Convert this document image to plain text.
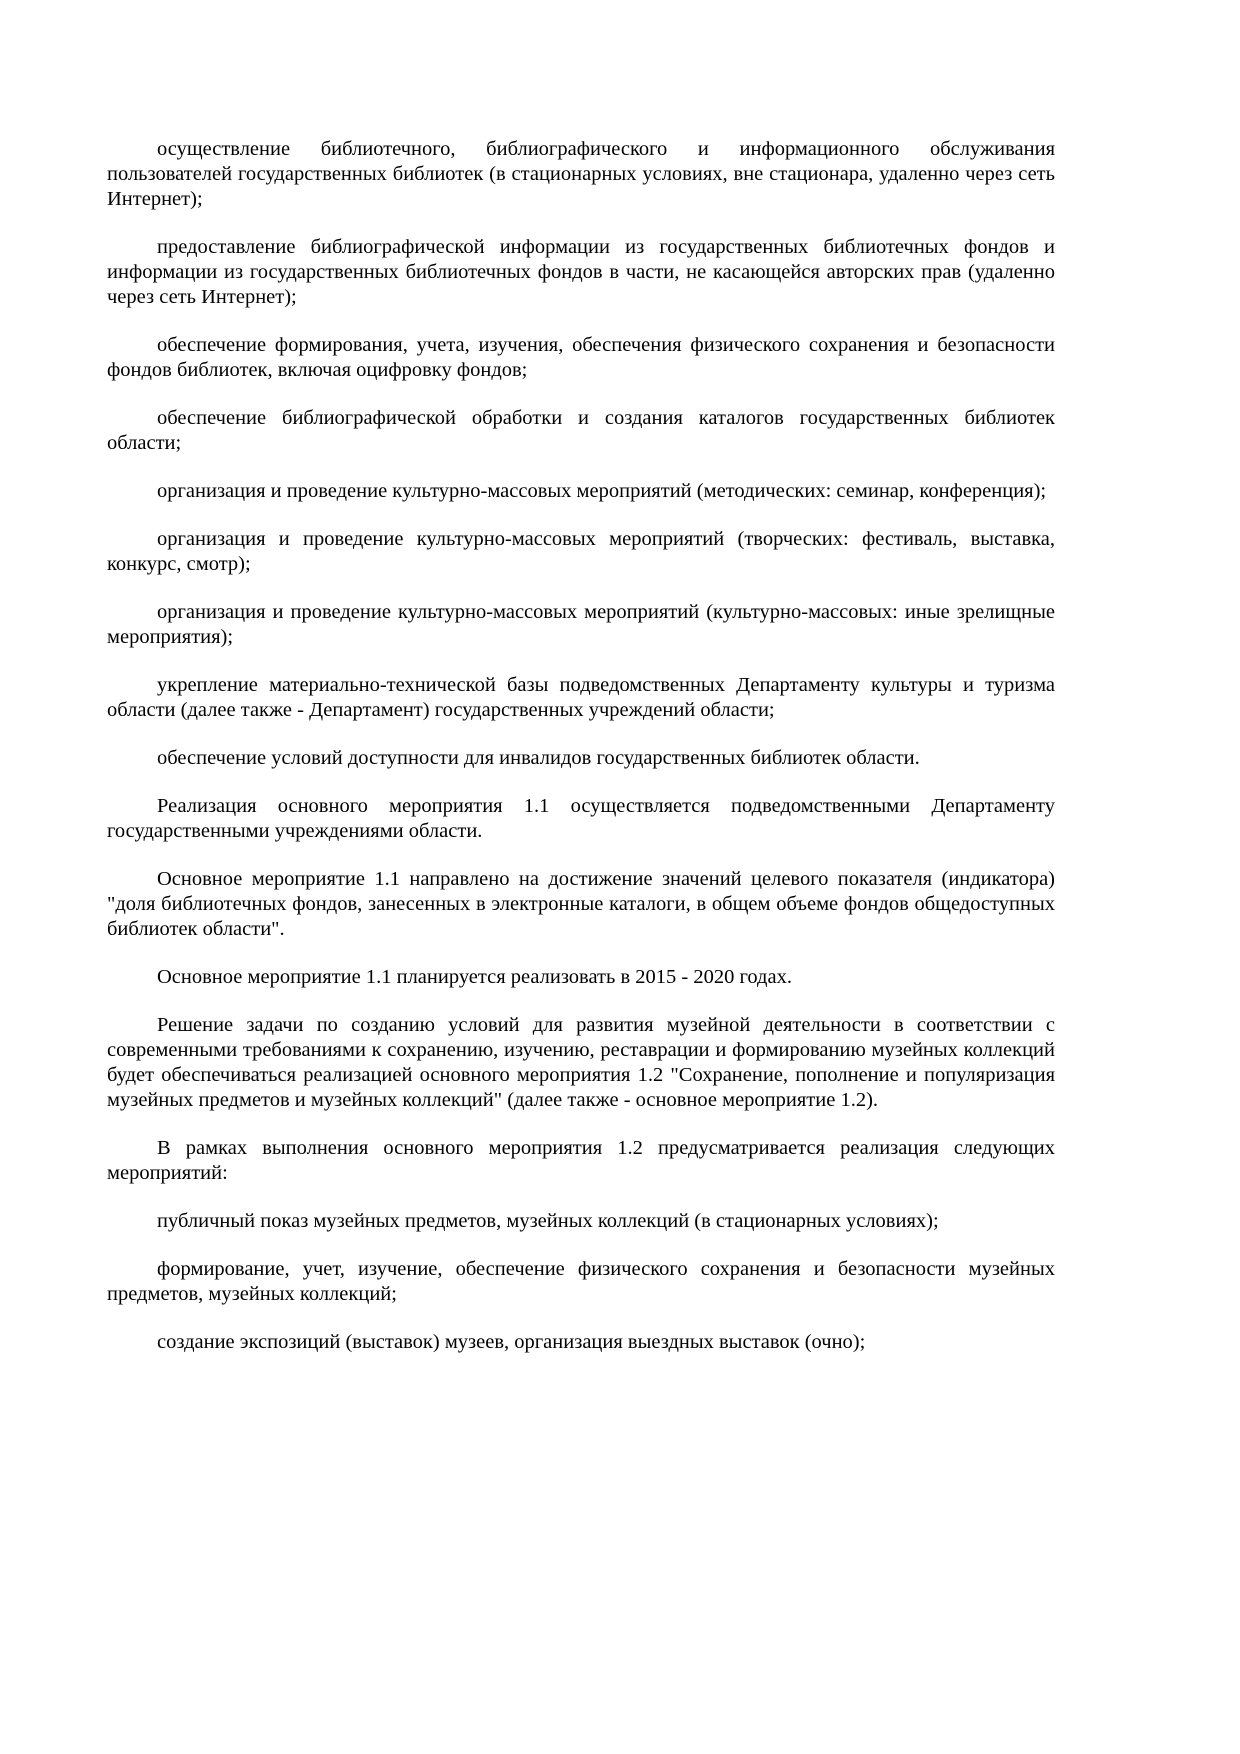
осуществление библиотечного, библиографического и информационного обслуживания пользователей государственных библиотек (в стационарных условиях, вне стационара, удаленно через сеть Интернет);

предоставление библиографической информации из государственных библиотечных фондов и информации из государственных библиотечных фондов в части, не касающейся авторских прав (удаленно через сеть Интернет);

обеспечение формирования, учета, изучения, обеспечения физического сохранения и безопасности фондов библиотек, включая оцифровку фондов;

обеспечение библиографической обработки и создания каталогов государственных библиотек области;

организация и проведение культурно-массовых мероприятий (методических: семинар, конференция);

организация и проведение культурно-массовых мероприятий (творческих: фестиваль, выставка, конкурс, смотр);

организация и проведение культурно-массовых мероприятий (культурно-массовых: иные зрелищные мероприятия);

укрепление материально-технической базы подведомственных Департаменту культуры и туризма области (далее также - Департамент) государственных учреждений области;

обеспечение условий доступности для инвалидов государственных библиотек области.

Реализация основного мероприятия 1.1 осуществляется подведомственными Департаменту государственными учреждениями области.

Основное мероприятие 1.1 направлено на достижение значений целевого показателя (индикатора) "доля библиотечных фондов, занесенных в электронные каталоги, в общем объеме фондов общедоступных библиотек области".

Основное мероприятие 1.1 планируется реализовать в 2015 - 2020 годах.

Решение задачи по созданию условий для развития музейной деятельности в соответствии с современными требованиями к сохранению, изучению, реставрации и формированию музейных коллекций будет обеспечиваться реализацией основного мероприятия 1.2 "Сохранение, пополнение и популяризация музейных предметов и музейных коллекций" (далее также - основное мероприятие 1.2).

В рамках выполнения основного мероприятия 1.2 предусматривается реализация следующих мероприятий:

публичный показ музейных предметов, музейных коллекций (в стационарных условиях);

формирование, учет, изучение, обеспечение физического сохранения и безопасности музейных предметов, музейных коллекций;

создание экспозиций (выставок) музеев, организация выездных выставок (очно);
